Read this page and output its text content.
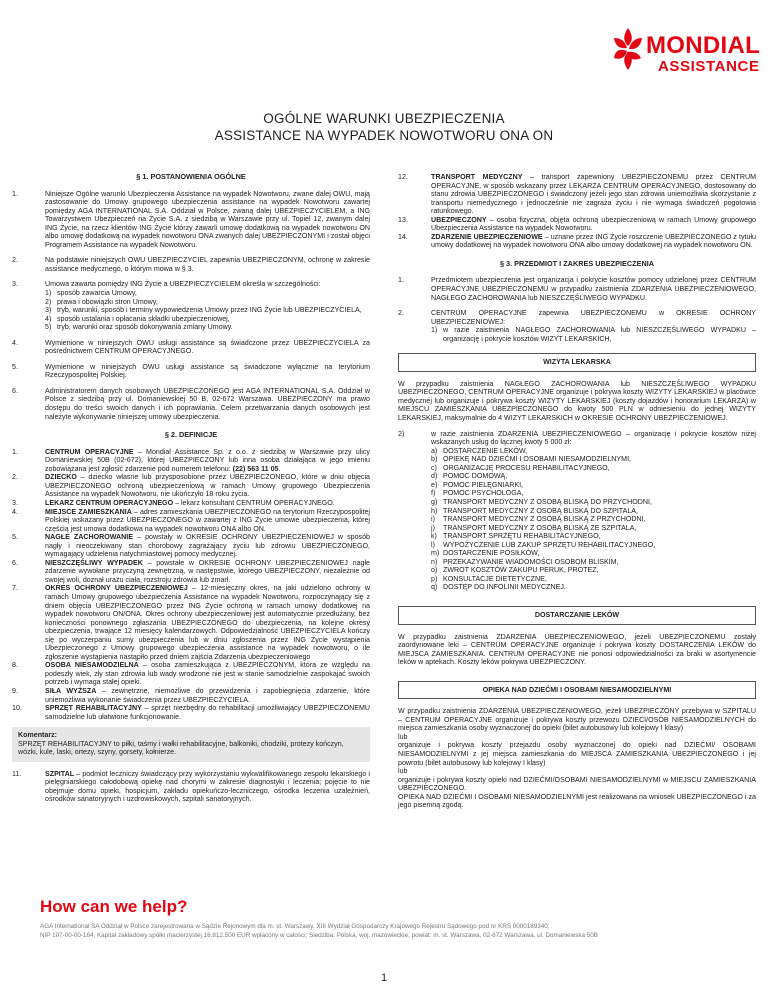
MONDIAL
ASSISTANCE
OGÓLNE WARUNKI UBEZPIECZENIA
ASSISTANCE NA WYPADEK NOWOTWORU ONA ON
§ 1. POSTANOWIENIA OGÓLNE
1.	Niniejsze Ogólne warunki Ubezpieczenia Assistance na wypadek Nowotworu, zwane dalej OWU, mają zastosowanie do Umowy grupowego ubezpieczenia assistance na wypadek Nowotworu zawartej pomiędzy AGA INTERNATIONAL S.A. Oddział w Polsce, zwaną dalej UBEZPIECZYCIELEM, a ING Towarzystwem Ubezpieczeń na Życie S.A. z siedzibą w Warszawie przy ul. Topiel 12, zwanym dalej ING Życie, na rzecz klientów ING Życie którzy zawarli umowę dodatkową na wypadek nowotworu ON albo umowę dodatkową na wypadek nowotworu ONA zwanych dalej UBEZPIECZONYMI i został objęci Programem Assistance na wypadek Nowotworu.
2.	Na podstawie niniejszych OWU UBEZPIECZYCIEL zapewnia UBEZPIECZONYM, ochronę w zakresie assistance medycznego, o którym mowa w § 3.
3.	Umowa zawarta pomiędzy ING Życie a UBEZPIECZYCIELEM określa w szczególności:
1) sposób zawarcia Umowy,
2) prawa i obowiązki stron Umowy,
3) tryb, warunki, sposób i terminy wypowiedzenia Umowy przez ING Życie lub UBEZPIECZYCIELA,
4) sposób ustalania i opłacania składki ubezpieczeniowej,
5) tryb, warunki oraz sposób dokonywania zmiany Umowy.
4.	Wymienione w niniejszych OWU usługi assistance są świadczone przez UBEZPIECZYCIELA za pośrednictwem CENTRUM OPERACYJNEGO.
5.	Wymienione w niniejszych OWU usługi assistance są świadczone wyłącznie na terytorium Rzeczypospolitej Polskiej.
6.	Administratorem danych osobowych UBEZPIECZONEGO jest AGA INTERNATIONAL S.A. Oddział w Polsce z siedzibą przy ul. Domaniewskiej 50 B, 02-672 Warszawa. UBEZPIECZONY ma prawo dostępu do treści swoich danych i ich poprawiania. Celem przetwarzania danych osobowych jest należyte wykonywanie niniejszej umowy ubezpieczenia.
§ 2. DEFINICJE
1.	CENTRUM OPERACYJNE – Mondial Assistance Sp. z o.o. z siedzibą w Warszawie przy ulicy Domaniewskiej 50B (02-672), której UBEZPIECZONY lub inna osoba działająca w jego imieniu zobowiązana jest zgłosić zdarzenie pod numerem telefonu: (22) 563 11 05.
2.	DZIECKO – dziecko własne lub przysposobione przez UBEZPIECZONEGO, które w dniu objęcia UBEZPIECZONEGO ochroną ubezpieczeniową w ramach Umowy grupowego Ubezpieczenia Assistance na wypadek Nowotworu, nie ukończyło 18 roku życia.
3.	LEKARZ CENTRUM OPERACYJNEGO – lekarz konsultant CENTRUM OPERACYJNEGO.
4.	MIEJSCE ZAMIESZKANIA – adres zamieszkania UBEZPIECZONEGO na terytorium Rzeczypospolitej Polskiej wskazany przez UBEZPIECZONEGO w zawartej z ING Życie umowie ubezpieczenia, której częścią jest umowa dodatkowa na wypadek nowotworu ONA albo ON.
5.	NAGŁE ZACHOROWANIE – powstały w OKRESIE OCHRONY UBEZPIECZENIOWEJ w sposób nagły i nieoczekiwany stan chorobowy zagrażający życiu lub zdrowiu UBEZPIECZONEGO, wymagający udzielenia natychmiastowej pomocy medycznej.
6.	NIESZCZĘŚLIWY WYPADEK – powstałe w OKRESIE OCHRONY UBEZPIECZENIOWEJ nagłe zdarzenie wywołane przyczyną zewnętrzną, w następstwie, którego UBEZPIECZONY, niezależnie od swojej woli, doznał urazu ciała, rozstroju zdrowia lub zmarł.
7.	OKRES OCHRONY UBEZPIECZENIOWEJ – 12-miesięczny okres, na jaki udzielono ochrony w ramach Umowy grupowego ubezpieczenia Assistance na wypadek Nowotworu, rozpoczynający się z dniem objęcia UBEZPIECZONEGO przez ING Życie ochroną w ramach umowy dodatkowej na wypadek nowotworu ON/ONA. Okres ochrony ubezpieczeniowej jest automatycznie przedłużany, bez konieczności ponownego zgłaszania UBEZPIECZONEGO do ubezpieczenia, na kolejne okresy ubezpieczenia, trwające 12 miesięcy kalendarzowych. Odpowiedzialność UBEZPIECZYCIELA kończy się po wyczerpaniu sumy ubezpieczenia lub w dniu zgłoszenia przez ING Życie wystąpienia Ubezpieczonego z Umowy grupowego ubezpieczenia assistance na wypadek nowotworu, o ile zgłoszenie wystąpienia nastąpiło przed dniem zajścia Zdarzenia ubezpieczeniowego
8.	OSOBA NIESAMODZIELNA – osoba zamieszkująca z UBEZPIECZONYM, która ze względu na podeszły wiek, zły stan zdrowia lub wady wrodzone nie jest w stanie samodzielnie zaspokajać swoich potrzeb i wymaga stałej opieki.
9.	SIŁA WYŻSZA – zewnętrzne, niemożliwe do przewidzenia i zapobiegnięcia zdarzenie, które uniemożliwia wykonanie świadczenia przez UBEZPIECZYCIELA.
10.	SPRZĘT REHABILITACYJNY – sprzęt niezbędny do rehabilitacji umożliwiający UBEZPIECZONEMU samodzielne lub ułatwione funkcjonowanie.
Komentarz:
SPRZĘT REHABILITACYJNY to piłki, taśmy i wałki rehabilitacyjne, balkoniki, chodziki, protezy kończyn, wózki, kule, laski, ortezy, szyny, gorsety, kołnierze.
11.	SZPITAL – podmiot leczniczy świadczący przy wykorzystaniu wykwalifikowanego zespołu lekarskiego i pielęgniarskiego całodobową opiekę nad chorymi w zakresie diagnostyki i leczenia; pojęcie to nie obejmuje domu opieki, hospicjum, zakładu opiekuńczo-leczniczego, ośrodka leczenia uzależnień, ośrodków sanatoryjnych i uzdrowiskowych, szpitali sanatoryjnych.
12.	TRANSPORT MEDYCZNY – transport zapewniony UBEZPIECZONEMU przez CENTRUM OPERACYJNE, w sposób wskazany przez LEKARZA CENTRUM OPERACYJNEGO, dostosowany do stanu zdrowia UBEZPIECZONEGO i świadczony jeżeli jego stan zdrowia uniemożliwia skorzystanie z transportu niemedycznego i jednocześnie nie zagraża życiu i nie wymaga świadczeń pogotowia ratunkowego.
13.	UBEZPIECZONY – osoba fizyczna, objęta ochroną ubezpieczeniową w ramach Umowy grupowego Ubezpieczenia Assistance na wypadek Nowotworu.
14.	ZDARZENIE UBEZPIECZENIOWE – uznane przez ING Życie roszczenie UBEZPIECZONEGO z tytułu umowy dodatkowej na wypadek nowotworu ONA albo umowy dodatkowej na wypadek nowotworu ON.
§ 3. PRZEDMIOT I ZAKRES UBEZPIECZENIA
1.	Przedmiotem ubezpieczenia jest organizacja i pokrycie kosztów pomocy udzielonej przez CENTRUM OPERACYJNE UBEZPIECZONEMU w przypadku zaistnienia ZDARZENIA UBEZPIECZENIOWEGO, NAGŁEGO ZACHOROWANIA lub NIESZCZĘŚLIWEGO WYPADKU.
2.	CENTRUM OPERACYJNE zapewnia UBEZPIECZONEMU w OKRESIE OCHRONY UBEZPIECZENIOWEJ:
1) w razie zaistnienia NAGŁEGO ZACHOROWANIA lub NIESZCZĘŚLIWEGO WYPADKU – organizację i pokrycie kosztów WIZYT LEKARSKICH,
WIZYTA LEKARSKA
W przypadku zaistnienia NAGŁEGO ZACHOROWANIA lub NIESZCZĘŚLIWEGO WYPADKU UBEZPIECZONEGO, CENTRUM OPERACYJNE organizuje i pokrywa koszty WIZYTY LEKARSKIEJ w placówce medycznej lub organizuje i pokrywa koszty WIZYTY LEKARSKIEJ (koszty dojazdów i honorarium LEKARZA) w MIEJSCU ZAMIESZKANIA UBEZPIECZONEGO do kwoty 500 PLN w odniesieniu do jednej WIZYTY LEKARSKIEJ, maksymalnie do 4 WIZYT LEKARSKICH w OKRESIE OCHRONY UBEZPIECZENIOWEJ.
2)	w razie zaistnienia ZDARZENIA UBEZPIECZENIOWEGO – organizację i pokrycie kosztów niżej wskazanych usług do łącznej kwoty 5 000 zł:
a) DOSTARCZENIE LEKÓW,
b) OPIEKĘ NAD DZIEĆMI I OSOBAMI NIESAMODZIELNYMI,
c) ORGANIZACJĘ PROCESU REHABILITACYJNEGO,
d) POMOC DOMOWĄ,
e) POMOC PIELĘGNIARKI,
f)	POMOC PSYCHOLOGA,
g) TRANSPORT MEDYCZNY Z OSOBĄ BLISKĄ DO PRZYCHODNI,
h) TRANSPORT MEDYCZNY Z OSOBĄ BLISKĄ DO SZPITALA,
i)	TRANSPORT MEDYCZNY Z OSOBĄ BLISKĄ Z PRZYCHODNI,
j)	TRANSPORT MEDYCZNY Z OSOBĄ BLISKĄ ZE SZPITALA,
k) TRANSPORT SPRZĘTU REHABILITACYJNEGO,
l)	WYPOŻYCZENIE LUB ZAKUP SPRZĘTU REHABILITACYJNEGO,
m) DOSTARCZENIE POSIŁKÓW,
n) PRZEKAZYWANIE WIADOMOŚCI OSOBOM BLISKIM,
o) ZWROT KOSZTÓW ZAKUPU PERUK, PROTEZ,
p) KONSULTACJE DIETETYCZNE,
q) DOSTĘP DO INFOLINII MEDYCZNEJ.
DOSTARCZANIE LEKÓW
W przypadku zaistnienia ZDARZENIA UBEZPIECZENIOWEGO, jeżeli UBEZPIECZONEMU zostały zaordynowane leki – CENTRUM OPERACYJNE organizuje i pokrywa koszty DOSTARCZENIA LEKÓW do MIEJSCA ZAMIESZKANIA. CENTRUM OPERACYJNE nie ponosi odpowiedzialności za braki w asortymencie leków w aptekach. Koszty leków pokrywa UBEZPIECZONY.
OPIEKA NAD DZIEĆMI I OSOBAMI NIESAMODZIELNYMI
W przypadku zaistnienia ZDARZENIA UBEZPIECZENIOWEGO, jeżeli UBEZPIECZONY przebywa w SZPITALU – CENTRUM OPERACYJNE organizuje i pokrywa koszty przewozu DZIECI/OSÓB NIESAMODZIELNYCH do miejsca zamieszkania osoby wyznaczonej do opieki (bilet autobusowy lub kolejowy I klasy)
lub
organizuje i pokrywa koszty przejazdu osoby wyznaczonej do opieki nad DZIEĆMI/ OSOBAMI NIESAMODZIELNYMI z jej miejsca zamieszkania do MIEJSCA ZAMIESZKANIA UBEZPIECZONEGO i jej powrotu (bilet autobusowy lub kolejowy I klasy)
lub
organizuje i pokrywa koszty opieki nad DZIEĆMI/OSOBAMI NIESAMODZIELNYMI w MIEJSCU ZAMIESZKANIA UBEZPIECZONEGO.
OPIEKA NAD DZIEĆMI I OSOBAMI NIESAMODZIELNYMI jest realizowana na wniosek UBEZPIECZONEGO i za jego pisemną zgodą.
How can we help?
AGA International SA Oddział w Polsce zarejestrowana w Sądzie Rejonowym dla m. st. Warszawy, XIII Wydział Gospodarczy Krajowego Rejestru Sądowego pod nr KRS 0000189340;
NIP 107-00-00-164; Kapitał zakładowy spółki macierzystej 16.812.500 EUR wpłacony w całości; Siedziba: Polska, woj. mazowieckie, powiat: m. st. Warszawa, 02-672 Warszawa, ul. Domaniewska 50B
1
